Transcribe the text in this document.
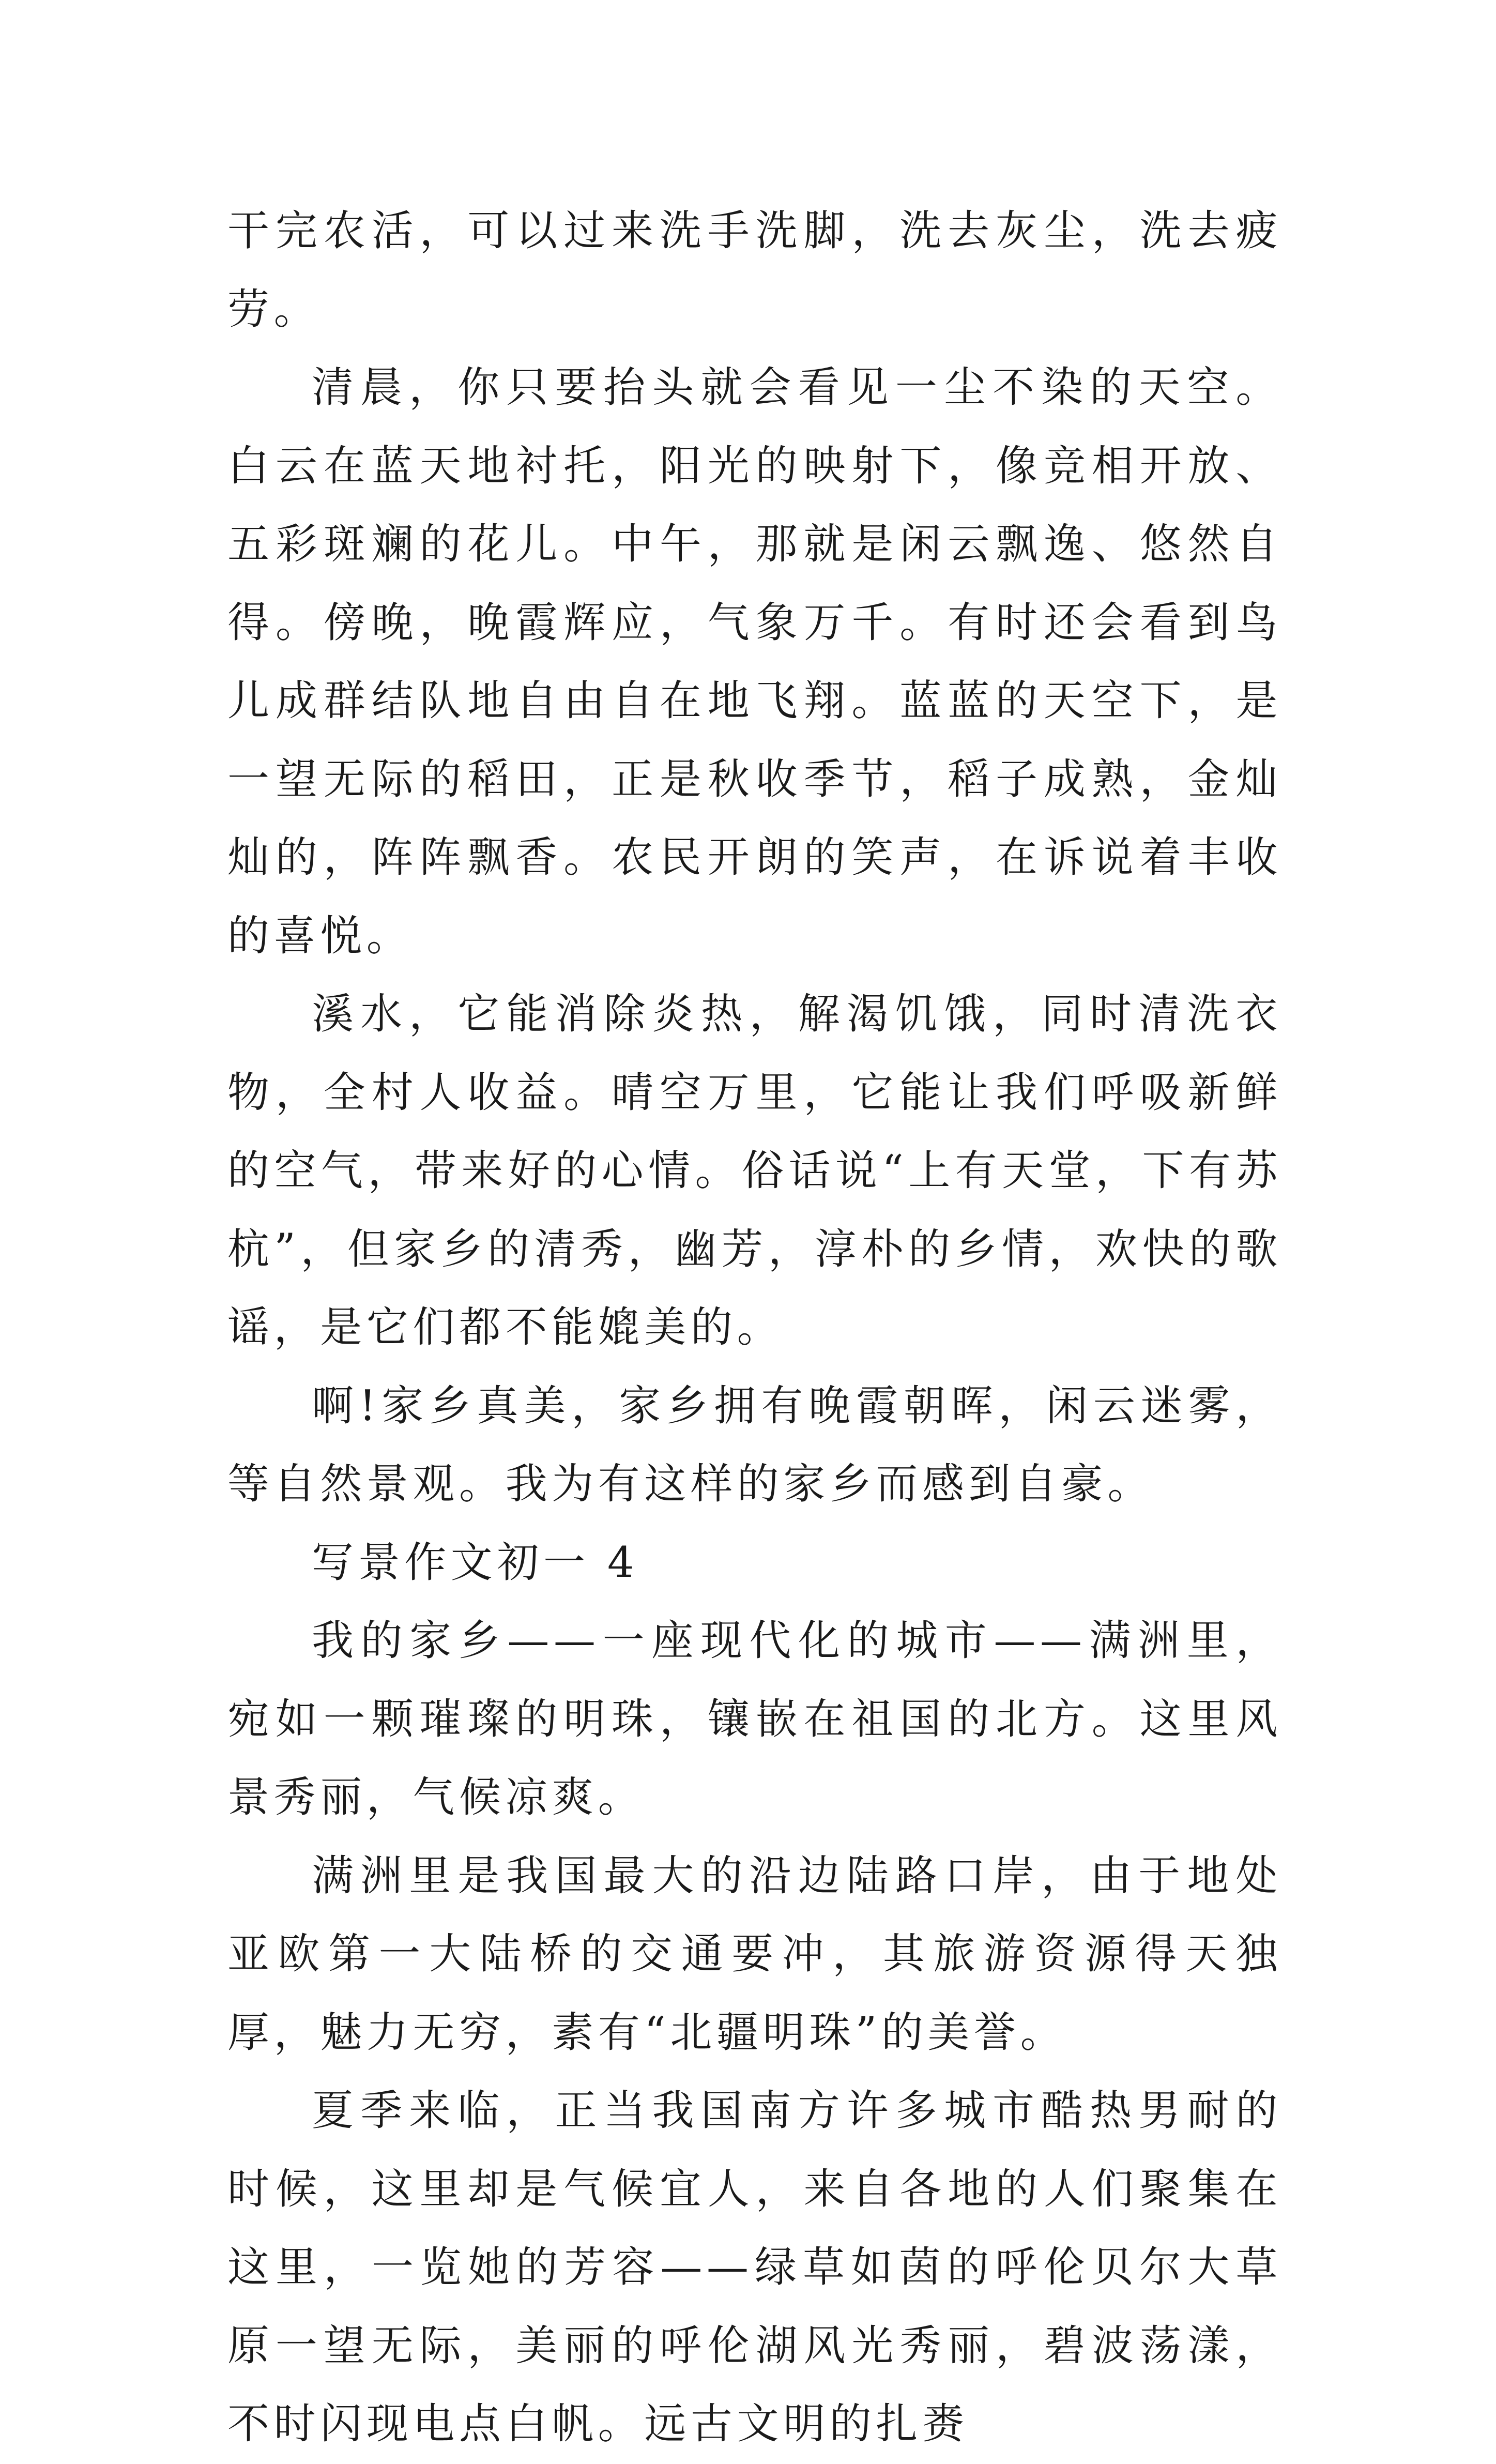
干完农活，可以过来洗手洗脚，洗去灰尘，洗去疲劳。

清晨，你只要抬头就会看见一尘不染的天空。白云在蓝天地衬托，阳光的映射下，像竞相开放、五彩斑斓的花儿。中午，那就是闲云飘逸、悠然自得。傍晚，晚霞辉应，气象万千。有时还会看到鸟儿成群结队地自由自在地飞翔。蓝蓝的天空下，是一望无际的稻田，正是秋收季节，稻子成熟，金灿灿的，阵阵飘香。农民开朗的笑声，在诉说着丰收的喜悦。

溪水，它能消除炎热，解渴饥饿，同时清洗衣物，全村人收益。晴空万里，它能让我们呼吸新鲜的空气，带来好的心情。俗话说“上有天堂，下有苏杭”，但家乡的清秀，幽芳，淳朴的乡情，欢快的歌谣，是它们都不能媲美的。

啊!家乡真美，家乡拥有晚霞朝晖，闲云迷雾，等自然景观。我为有这样的家乡而感到自豪。

写景作文初一 4

我的家乡——一座现代化的城市——满洲里，宛如一颗璀璨的明珠，镶嵌在祖国的北方。这里风景秀丽，气候凉爽。

满洲里是我国最大的沿边陆路口岸，由于地处亚欧第一大陆桥的交通要冲，其旅游资源得天独厚，魅力无穷，素有“北疆明珠”的美誉。

夏季来临，正当我国南方许多城市酷热男耐的时候，这里却是气候宜人，来自各地的人们聚集在这里，一览她的芳容——绿草如茵的呼伦贝尔大草原一望无际，美丽的呼伦湖风光秀丽，碧波荡漾，不时闪现电点白帆。远古文明的扎赉
